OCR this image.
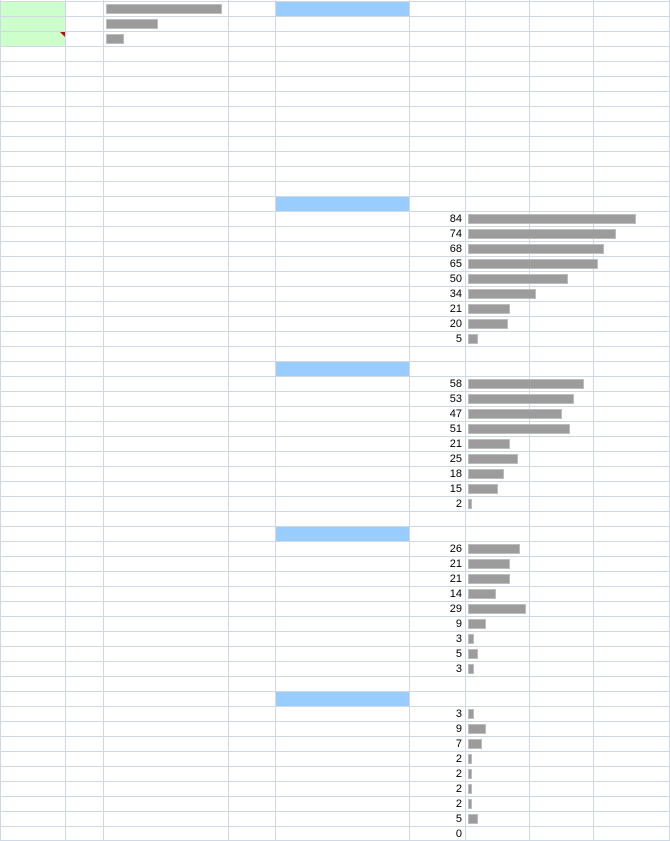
84
74
68
65
50
34
21
20
5
58
53
47
51
21
25
18
15
2
26
21
21
14
29
9
3
5
3
3
9
7
2
2
2
2
5
0
